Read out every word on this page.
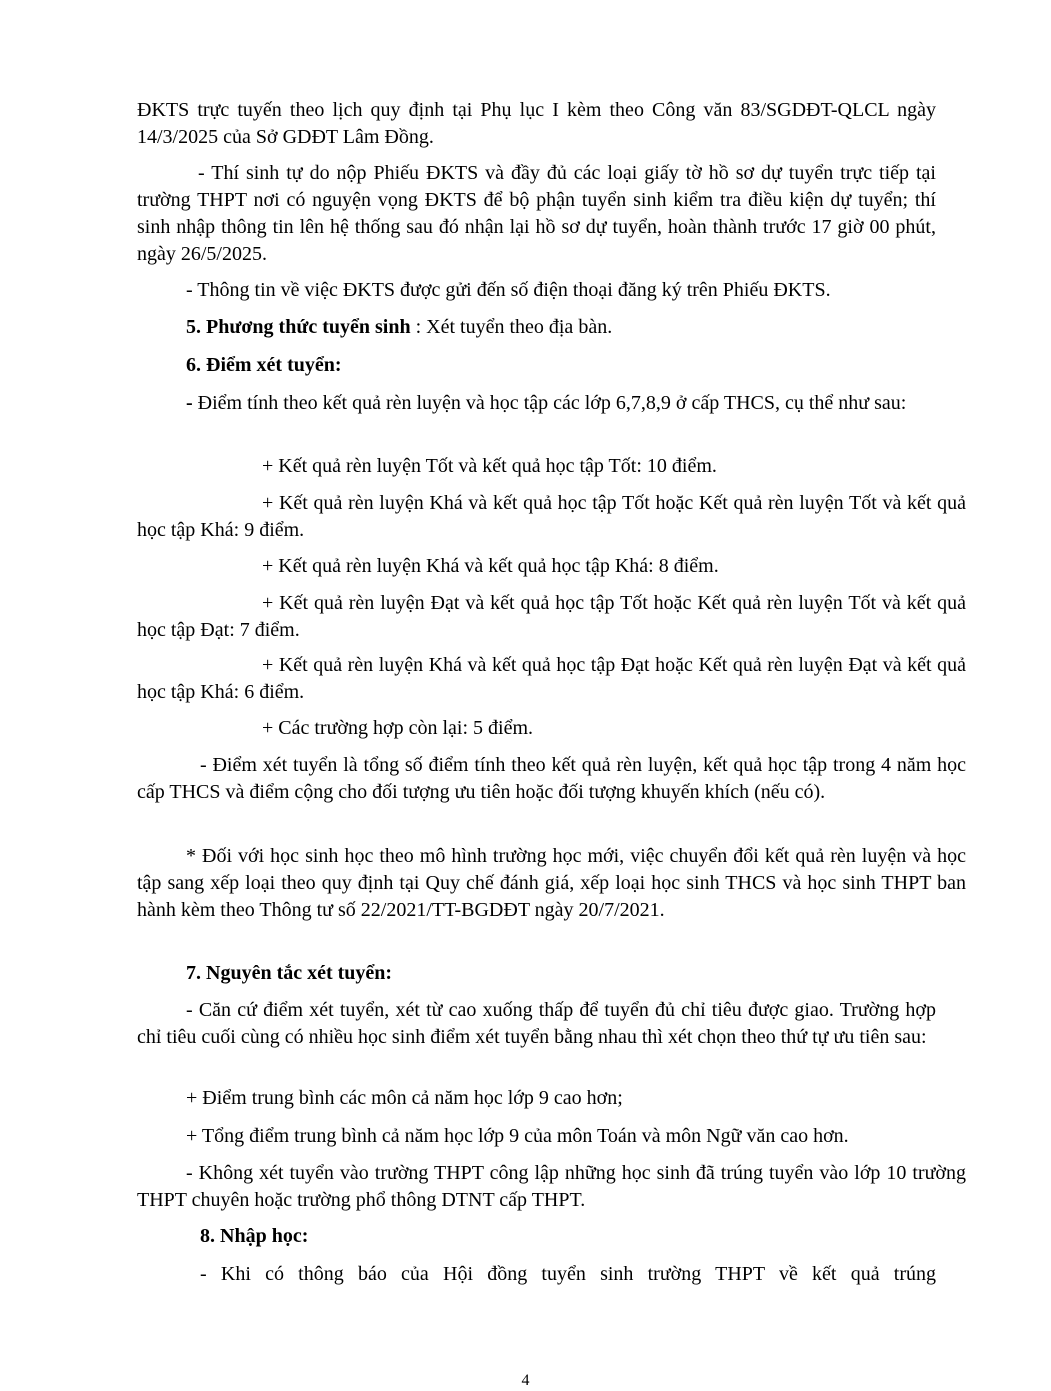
ĐKTS trực tuyến theo lịch quy định tại Phụ lục I kèm theo Công văn 83/SGDĐT-QLCL ngày 14/3/2025 của Sở GDĐT Lâm Đồng.

- Thí sinh tự do nộp Phiếu ĐKTS và đầy đủ các loại giấy tờ hồ sơ dự tuyển trực tiếp tại trường THPT nơi có nguyện vọng ĐKTS để bộ phận tuyển sinh kiểm tra điều kiện dự tuyển; thí sinh nhập thông tin lên hệ thống sau đó nhận lại hồ sơ dự tuyển, hoàn thành trước 17 giờ 00 phút, ngày 26/5/2025.

- Thông tin về việc ĐKTS được gửi đến số điện thoại đăng ký trên Phiếu ĐKTS.

5. Phương thức tuyển sinh : Xét tuyển theo địa bàn.

6. Điểm xét tuyển:

- Điểm tính theo kết quả rèn luyện và học tập các lớp 6,7,8,9 ở cấp THCS, cụ thể như sau:

+ Kết quả rèn luyện Tốt và kết quả học tập Tốt: 10 điểm.

+ Kết quả rèn luyện Khá và kết quả học tập Tốt hoặc Kết quả rèn luyện Tốt và kết quả học tập Khá: 9 điểm.

+ Kết quả rèn luyện Khá và kết quả học tập Khá: 8 điểm.

+ Kết quả rèn luyện Đạt và kết quả học tập Tốt hoặc Kết quả rèn luyện Tốt và kết quả học tập Đạt: 7 điểm.

+ Kết quả rèn luyện Khá và kết quả học tập Đạt hoặc Kết quả rèn luyện Đạt và kết quả học tập Khá: 6 điểm.

+ Các trường hợp còn lại: 5 điểm.

- Điểm xét tuyển là tổng số điểm tính theo kết quả rèn luyện, kết quả học tập trong 4 năm học cấp THCS và điểm cộng cho đối tượng ưu tiên hoặc đối tượng khuyến khích (nếu có).

* Đối với học sinh học theo mô hình trường học mới, việc chuyển đổi kết quả rèn luyện và học tập sang xếp loại theo quy định tại Quy chế đánh giá, xếp loại học sinh THCS và học sinh THPT ban hành kèm theo Thông tư số 22/2021/TT-BGDĐT ngày 20/7/2021.

7. Nguyên tắc xét tuyển:

- Căn cứ điểm xét tuyển, xét từ cao xuống thấp để tuyển đủ chỉ tiêu được giao. Trường hợp chỉ tiêu cuối cùng có nhiều học sinh điểm xét tuyển bằng nhau thì xét chọn theo thứ tự ưu tiên sau:

+ Điểm trung bình các môn cả năm học lớp 9 cao hơn;

+ Tổng điểm trung bình cả năm học lớp 9 của môn Toán và môn Ngữ văn cao hơn.

- Không xét tuyển vào trường THPT công lập những học sinh đã trúng tuyển vào lớp 10 trường THPT chuyên hoặc trường phổ thông DTNT cấp THPT.

8. Nhập học:

- Khi có thông báo của Hội đồng tuyển sinh trường THPT về kết quả trúng

4
